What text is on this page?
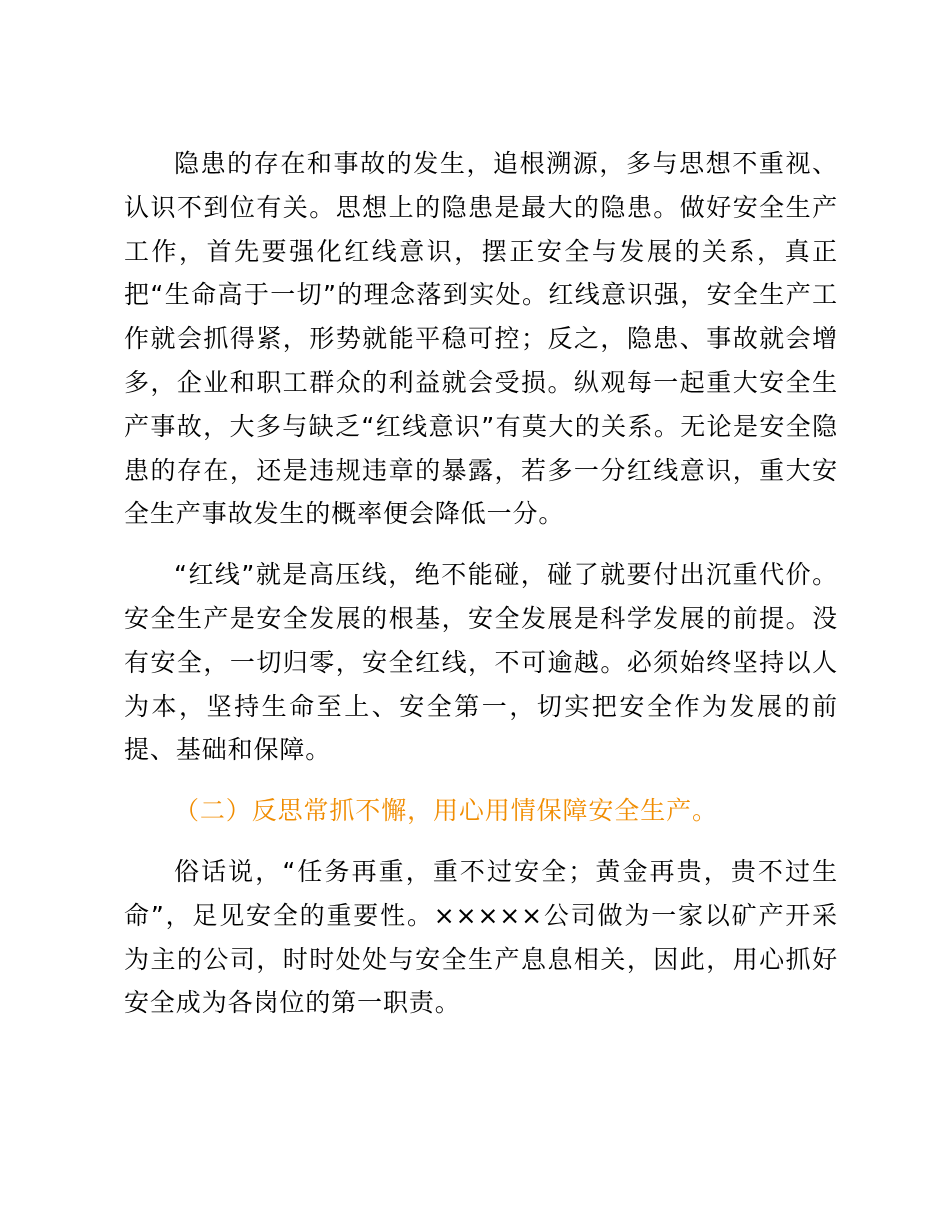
隐患的存在和事故的发生，追根溯源，多与思想不重视、认识不到位有关。思想上的隐患是最大的隐患。做好安全生产工作，首先要强化红线意识，摆正安全与发展的关系，真正把“生命高于一切”的理念落到实处。红线意识强，安全生产工作就会抓得紧，形势就能平稳可控；反之，隐患、事故就会增多，企业和职工群众的利益就会受损。纵观每一起重大安全生产事故，大多与缺乏“红线意识”有莫大的关系。无论是安全隐患的存在，还是违规违章的暴露，若多一分红线意识，重大安全生产事故发生的概率便会降低一分。

“红线”就是高压线，绝不能碰，碰了就要付出沉重代价。安全生产是安全发展的根基，安全发展是科学发展的前提。没有安全，一切归零，安全红线，不可逾越。必须始终坚持以人为本，坚持生命至上、安全第一，切实把安全作为发展的前提、基础和保障。

（二）反思常抓不懈，用心用情保障安全生产。

俗话说，“任务再重，重不过安全；黄金再贵，贵不过生命”，足见安全的重要性。×××××公司做为一家以矿产开采为主的公司，时时处处与安全生产息息相关，因此，用心抓好安全成为各岗位的第一职责。
